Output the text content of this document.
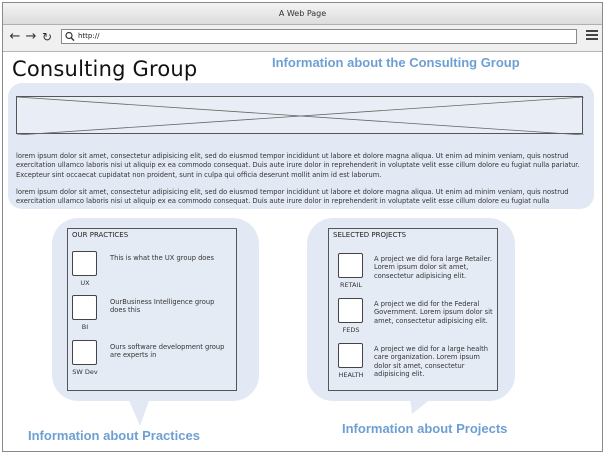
A Web Page
← → ↻	http://
Consulting Group	Information about the Consulting Group
lorem ipsum dolor sit amet, consectetur adipisicing elit, sed do eiusmod tempor incididunt ut labore et dolore magna aliqua. Ut enim ad minim veniam, quis nostrud exercitation ullamco laboris nisi ut aliquip ex ea commodo consequat. Duis aute irure dolor in reprehenderit in voluptate velit esse cillum dolore eu fugiat nulla pariatur. Excepteur sint occaecat cupidatat non proident, sunt in culpa qui officia deserunt mollit anim id est laborum.
lorem ipsum dolor sit amet, consectetur adipisicing elit, sed do eiusmod tempor incididunt ut labore et dolore magna aliqua. Ut enim ad minim veniam, quis nostrud exercitation ullamco laboris nisi ut aliquip ex ea commodo consequat. Duis aute irure dolor in reprehenderit in voluptate velit esse cillum dolore eu fugiat nulla
OUR PRACTICES
UX
This is what the UX group does
BI
OurBusiness Intelligence group does this
SW Dev
Ours software development group are experts in
SELECTED PROJECTS
RETAIL
A project we did fora large Retailer. Lorem ipsum dolor sit amet, consectetur adipisicing elit.
FEDS
A project we did for the Federal Government. Lorem ipsum dolor sit amet, consectetur adipisicing elit.
HEALTH
A project we did for a large health care organization. Lorem ipsum dolor sit amet, consectetur adipisicing elit.
Information about Practices	Information about Projects
